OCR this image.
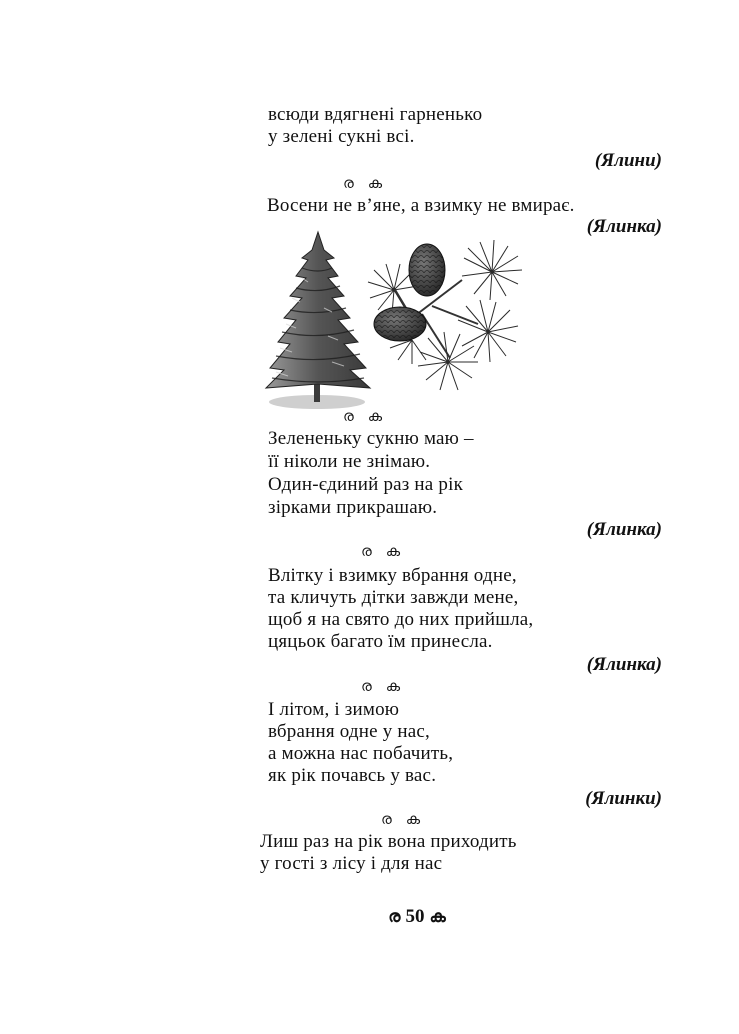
всюди вдягнені гарненько
у зелені сукні всі.
(Ялини)
ര ക
Восени не в’яне, а взимку не вмирає.
(Ялинка)
ര ക
Зелененьку сукню маю –
її ніколи не знімаю.
Один-єдиний раз на рік
зірками прикрашаю.
(Ялинка)
ര ക
Влітку і взимку вбрання одне,
та кличуть дітки завжди мене,
щоб я на свято до них прийшла,
цяцьок багато їм принесла.
(Ялинка)
ര ക
І літом, і зимою
вбрання одне у нас,
а можна нас побачить,
як рік почавсь у вас.
(Ялинки)
ര ക
Лиш раз на рік вона приходить
у гості з лісу і для нас
ര 50 ക
